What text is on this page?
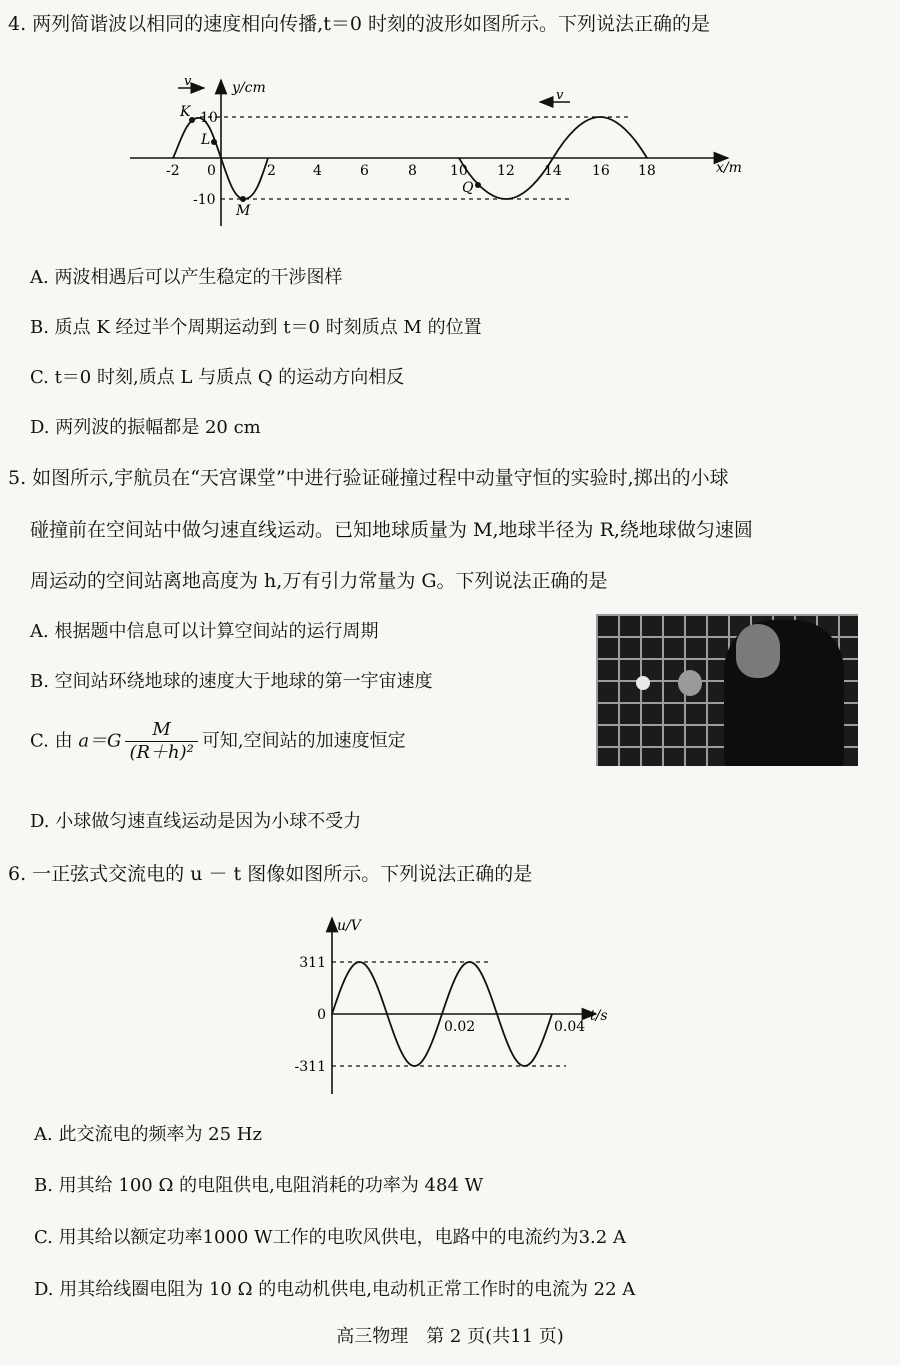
4. 两列简谐波以相同的速度相向传播,t＝0 时刻的波形如图所示。下列说法正确的是
y/cm
x/m
10
-10
-2 0	2	4	6	8 10 12 14 16 18
K
L
M
Q
v
v
A. 两波相遇后可以产生稳定的干涉图样
B. 质点 K 经过半个周期运动到 t＝0 时刻质点 M 的位置
C. t＝0 时刻,质点 L 与质点 Q 的运动方向相反
D. 两列波的振幅都是 20 cm
5. 如图所示,宇航员在“天宫课堂”中进行验证碰撞过程中动量守恒的实验时,掷出的小球
碰撞前在空间站中做匀速直线运动。已知地球质量为 M,地球半径为 R,绕地球做匀速圆
周运动的空间站离地高度为 h,万有引力常量为 G。下列说法正确的是
A. 根据题中信息可以计算空间站的运行周期
B. 空间站环绕地球的速度大于地球的第一宇宙速度
C. 由 $a=G \frac{M}{\text{(R＋h)²}}$ 可知,空间站的加速度恒定
D. 小球做匀速直线运动是因为小球不受力
6. 一正弦式交流电的 u － t 图像如图所示。下列说法正确的是
u/V
t/s
311
0
-311
0.02	0.04
A. 此交流电的频率为 25 Hz
B. 用其给 100 Ω 的电阻供电,电阻消耗的功率为 484 W
C. 用其给以额定功率1000 W工作的电吹风供电，电路中的电流约为3.2 A
D. 用其给线圈电阻为 10 Ω 的电动机供电,电动机正常工作时的电流为 22 A
高三物理　第 2 页(共11 页)
